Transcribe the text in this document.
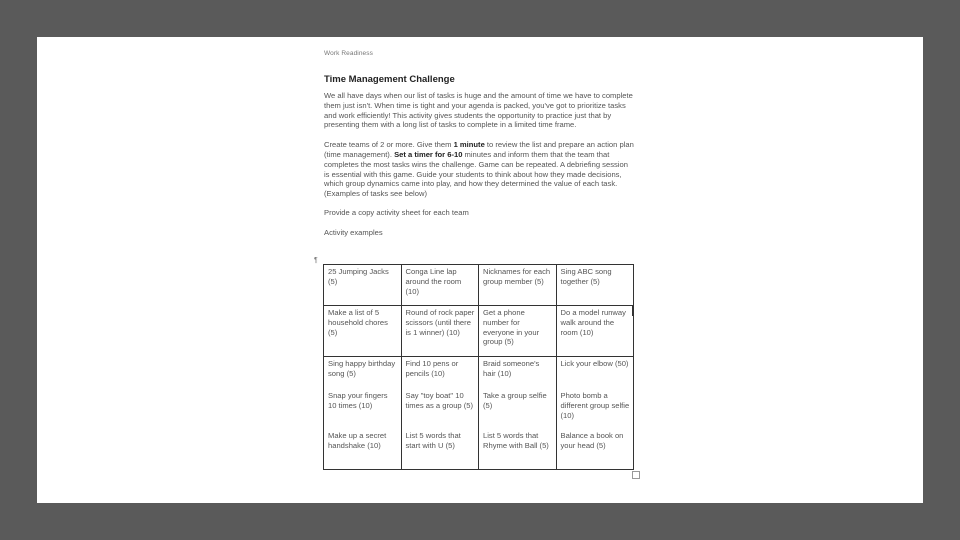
Work Readiness
Time Management Challenge
We all have days when our list of tasks is huge and the amount of time we have to complete them just isn't. When time is tight and your agenda is packed, you've got to prioritize tasks and work efficiently! This activity gives students the opportunity to practice just that by presenting them with a long list of tasks to complete in a limited time frame.
Create teams of 2 or more. Give them 1 minute to review the list and prepare an action plan (time management). Set a timer for 6-10 minutes and inform them that the team that completes the most tasks wins the challenge. Game can be repeated. A debriefing session is essential with this game. Guide your students to think about how they made decisions, which group dynamics came into play, and how they determined the value of each task. (Examples of tasks see below)
Provide a copy activity sheet for each team
Activity examples
¶
25 Jumping Jacks (5)	Conga Line lap around the room (10)	Nicknames for each group member (5)	Sing ABC song together (5)
Make a list of 5 household chores (5)	Round of rock paper scissors (until there is 1 winner) (10)	Get a phone number for everyone in your group (5)	Do a model runway walk around the room (10)
Sing happy birthday song (5)	Find 10 pens or pencils (10)	Braid someone's hair (10)	Lick your elbow (50)
Snap your fingers 10 times (10)	Say "toy boat" 10 times as a group (5)	Take a group selfie (5)	Photo bomb a different group selfie (10)
Make up a secret handshake (10)	List 5 words that start with U (5)	List 5 words that Rhyme with Ball (5)	Balance a book on your head (5)
